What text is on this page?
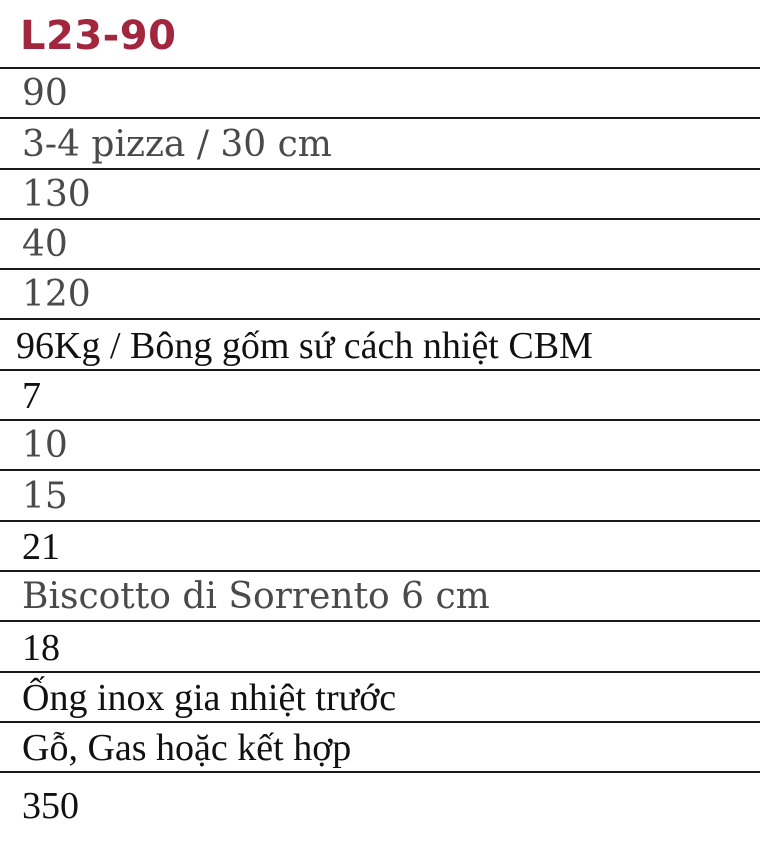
L23-90
90
3-4 pizza / 30 cm
130
40
120
96Kg / Bông gốm sứ cách nhiệt CBM
7
10
15
21
Biscotto di Sorrento 6 cm
18
Ống inox gia nhiệt trước
Gỗ, Gas hoặc kết hợp
350
